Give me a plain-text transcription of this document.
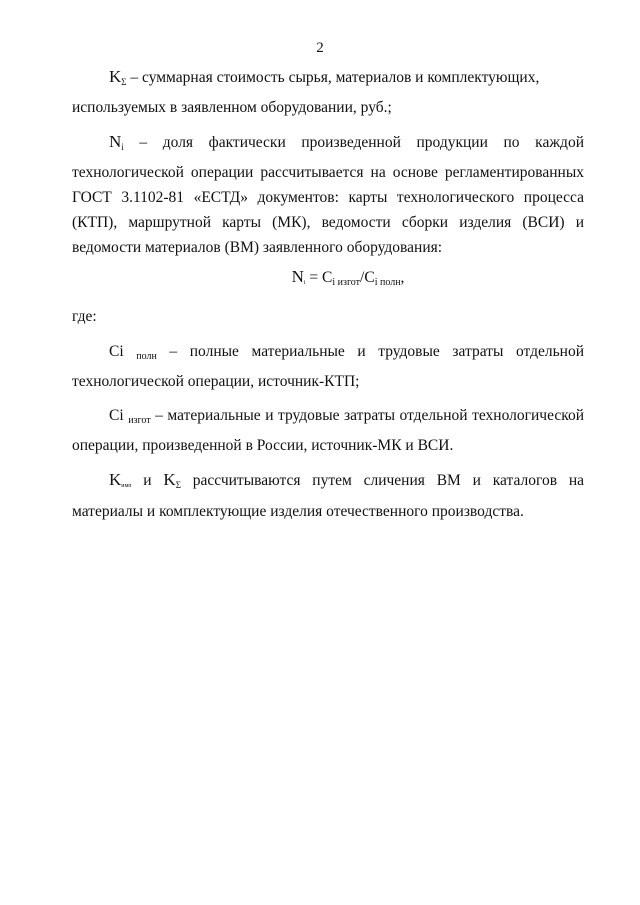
2

$K_\Sigma$ – суммарная стоимость сырья, материалов и комплектующих,
используемых в заявленном оборудовании, руб.;

$N_i$ – доля фактически произведенной продукции по каждой технологической операции рассчитывается на основе регламентированных ГОСТ 3.1102-81 «ЕСТД» документов: карты технологического процесса (КТП), маршрутной карты (МК), ведомости сборки изделия (ВСИ) и ведомости материалов (ВМ) заявленного оборудования:

Ni = Ci изгот/Ci полн,

где:

Ci полн – полные материальные и трудовые затраты отдельной технологической операции, источник-КТП;

Ci изгот – материальные и трудовые затраты отдельной технологической операции, произведенной в России, источник-МК и ВСИ.

Kимп и $K_\Sigma$ рассчитываются путем сличения ВМ и каталогов на материалы и комплектующие изделия отечественного производства.
